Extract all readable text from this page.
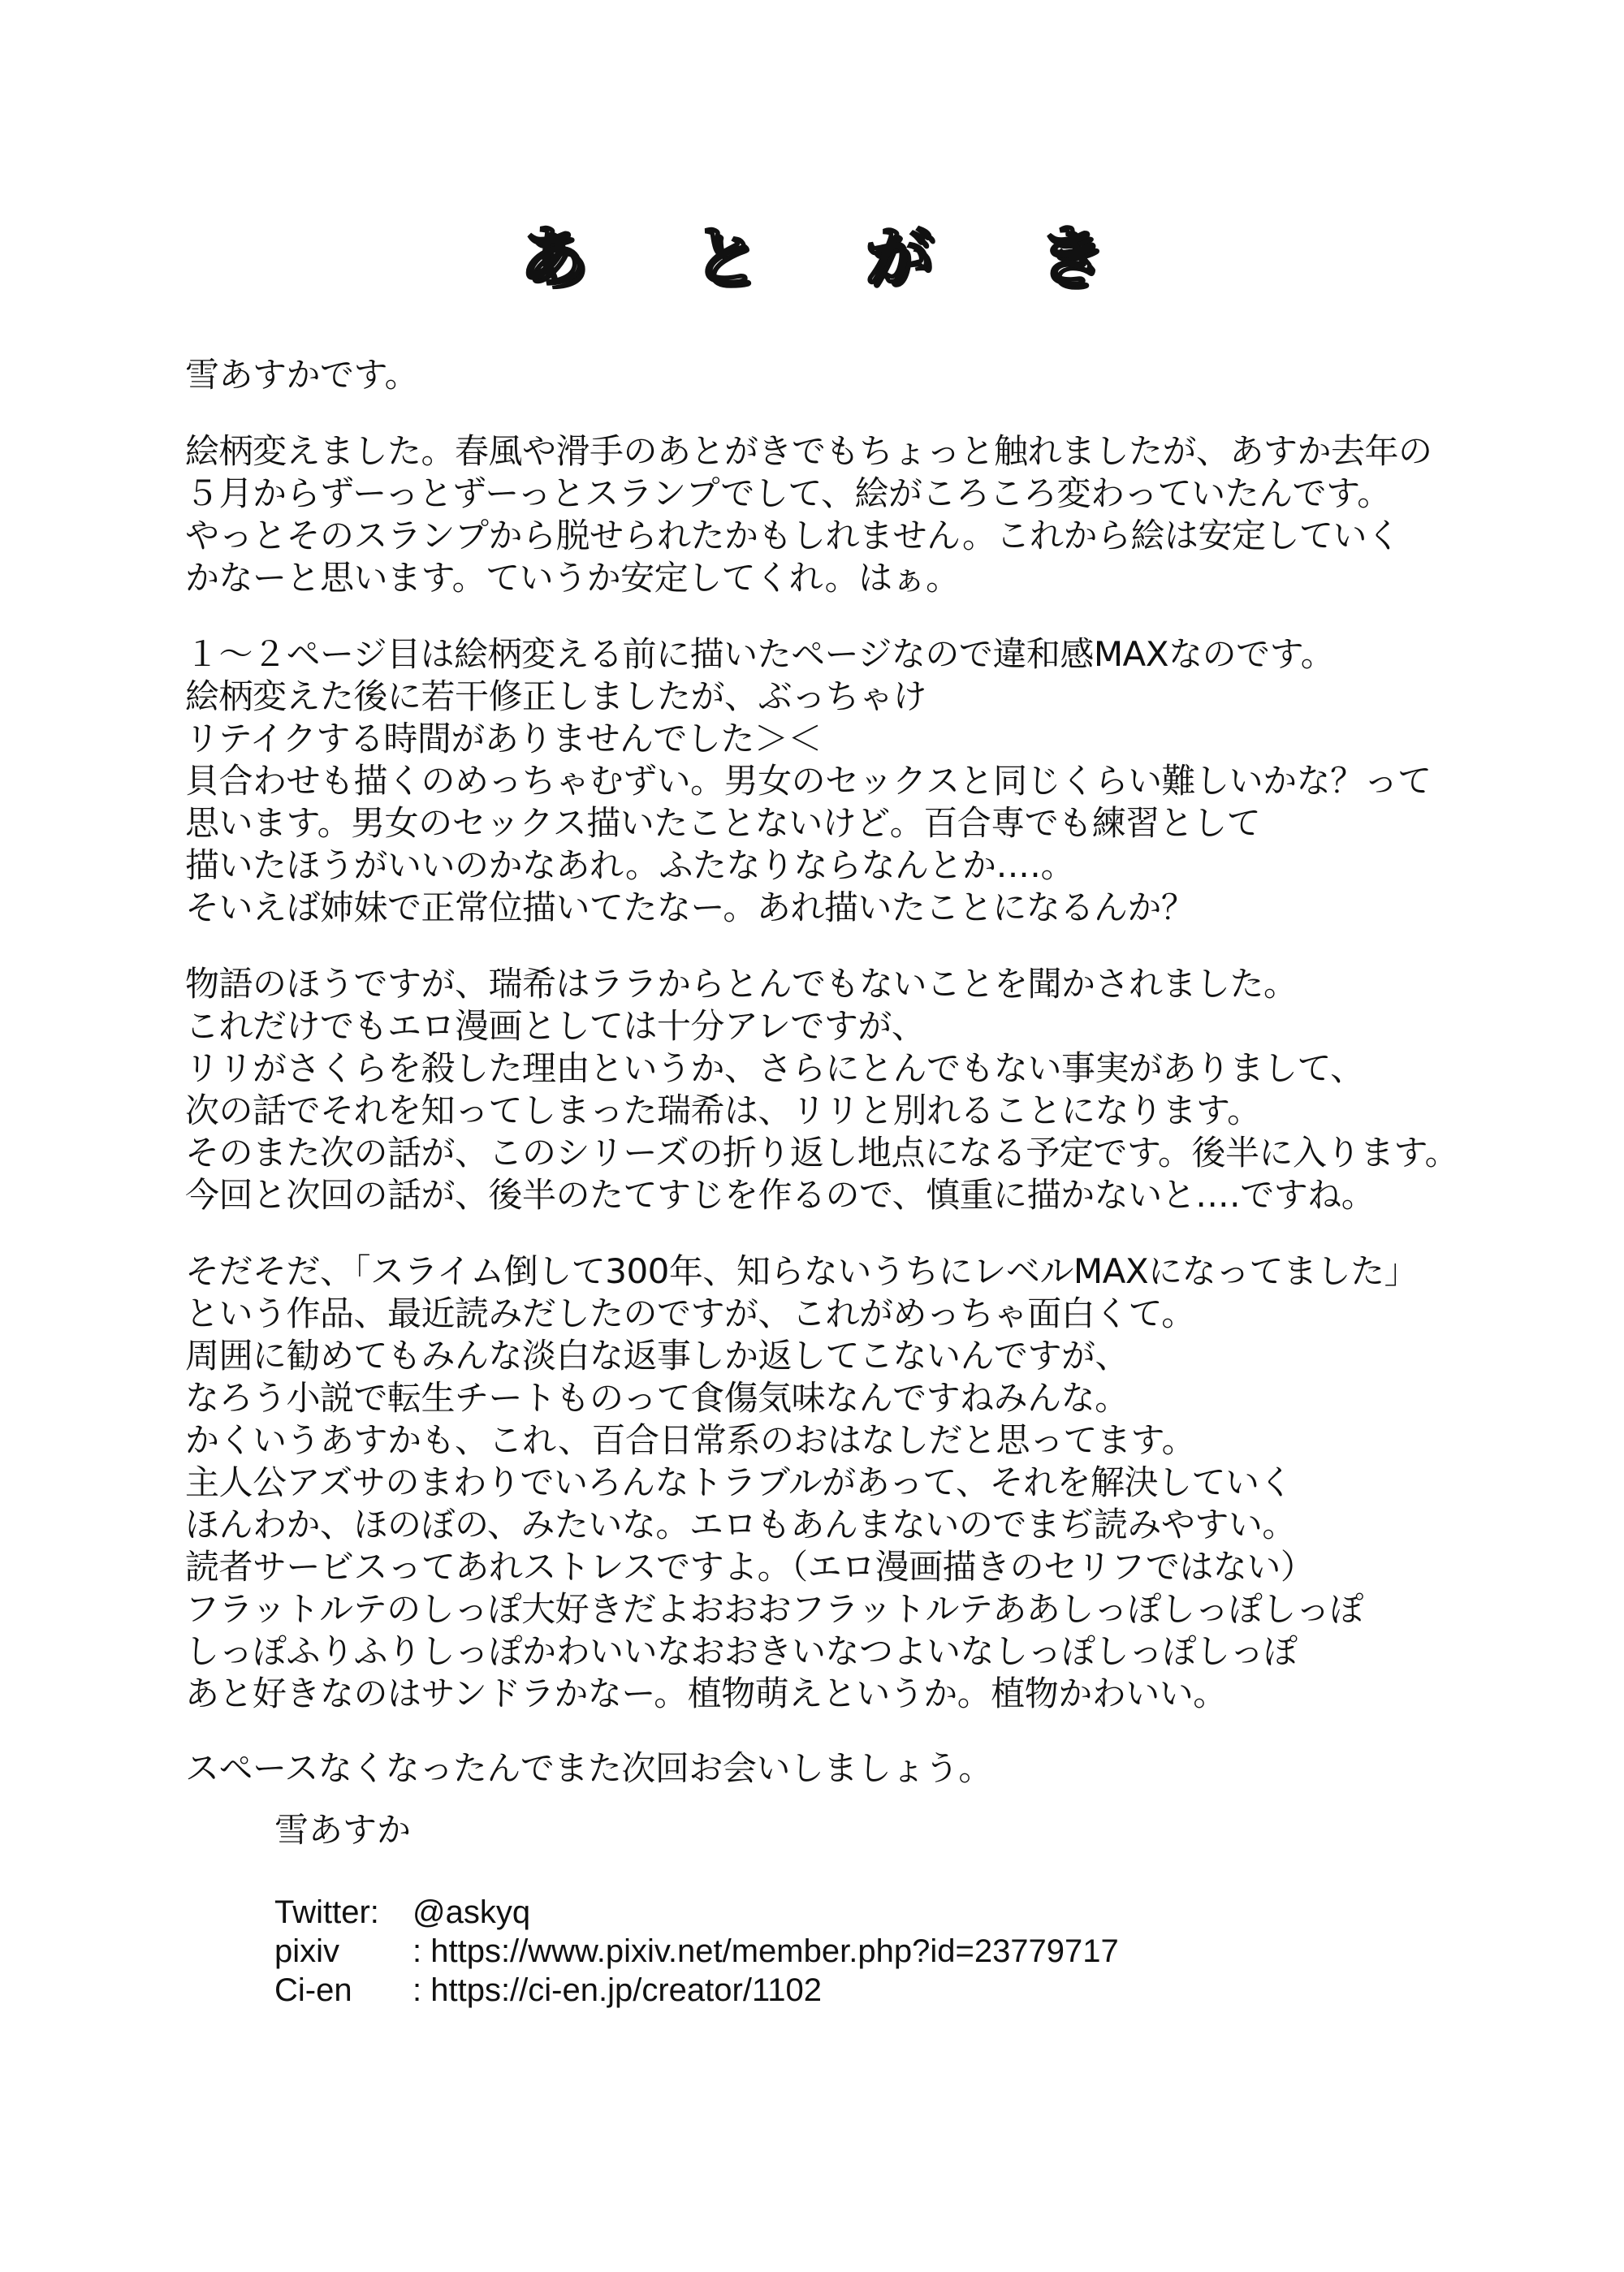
あ と が き
雪あすかです。
絵柄変えました。春風や滑手のあとがきでもちょっと触れましたが、あすか去年の
５月からずーっとずーっとスランプでして、絵がころころ変わっていたんです。
やっとそのスランプから脱せられたかもしれません。これから絵は安定していく
かなーと思います。ていうか安定してくれ。はぁ。
１～２ページ目は絵柄変える前に描いたページなので違和感MAXなのです。
絵柄変えた後に若干修正しましたが、ぶっちゃけ
リテイクする時間がありませんでした＞＜
貝合わせも描くのめっちゃむずい。男女のセックスと同じくらい難しいかな？って
思います。男女のセックス描いたことないけど。百合専でも練習として
描いたほうがいいのかなあれ。ふたなりならなんとか‥‥。
そいえば姉妹で正常位描いてたなー。あれ描いたことになるんか？
物語のほうですが、瑞希はララからとんでもないことを聞かされました。
これだけでもエロ漫画としては十分アレですが、
リリがさくらを殺した理由というか、さらにとんでもない事実がありまして、
次の話でそれを知ってしまった瑞希は、リリと別れることになります。
そのまた次の話が、このシリーズの折り返し地点になる予定です。後半に入ります。
今回と次回の話が、後半のたてすじを作るので、慎重に描かないと‥‥ですね。
そだそだ、「スライム倒して300年、知らないうちにレベルMAXになってました」
という作品、最近読みだしたのですが、これがめっちゃ面白くて。
周囲に勧めてもみんな淡白な返事しか返してこないんですが、
なろう小説で転生チートものって食傷気味なんですねみんな。
かくいうあすかも、これ、百合日常系のおはなしだと思ってます。
主人公アズサのまわりでいろんなトラブルがあって、それを解決していく
ほんわか、ほのぼの、みたいな。エロもあんまないのでまぢ読みやすい。
読者サービスってあれストレスですよ。（エロ漫画描きのセリフではない）
フラットルテのしっぽ大好きだよおおおフラットルテああしっぽしっぽしっぽ
しっぽふりふりしっぽかわいいなおおきいなつよいなしっぽしっぽしっぽ
あと好きなのはサンドラかなー。植物萌えというか。植物かわいい。
スペースなくなったんでまた次回お会いしましょう。
雪あすか
Twitter: @askyq
pixiv : https://www.pixiv.net/member.php?id=23779717
Ci-en : https://ci-en.jp/creator/1102
